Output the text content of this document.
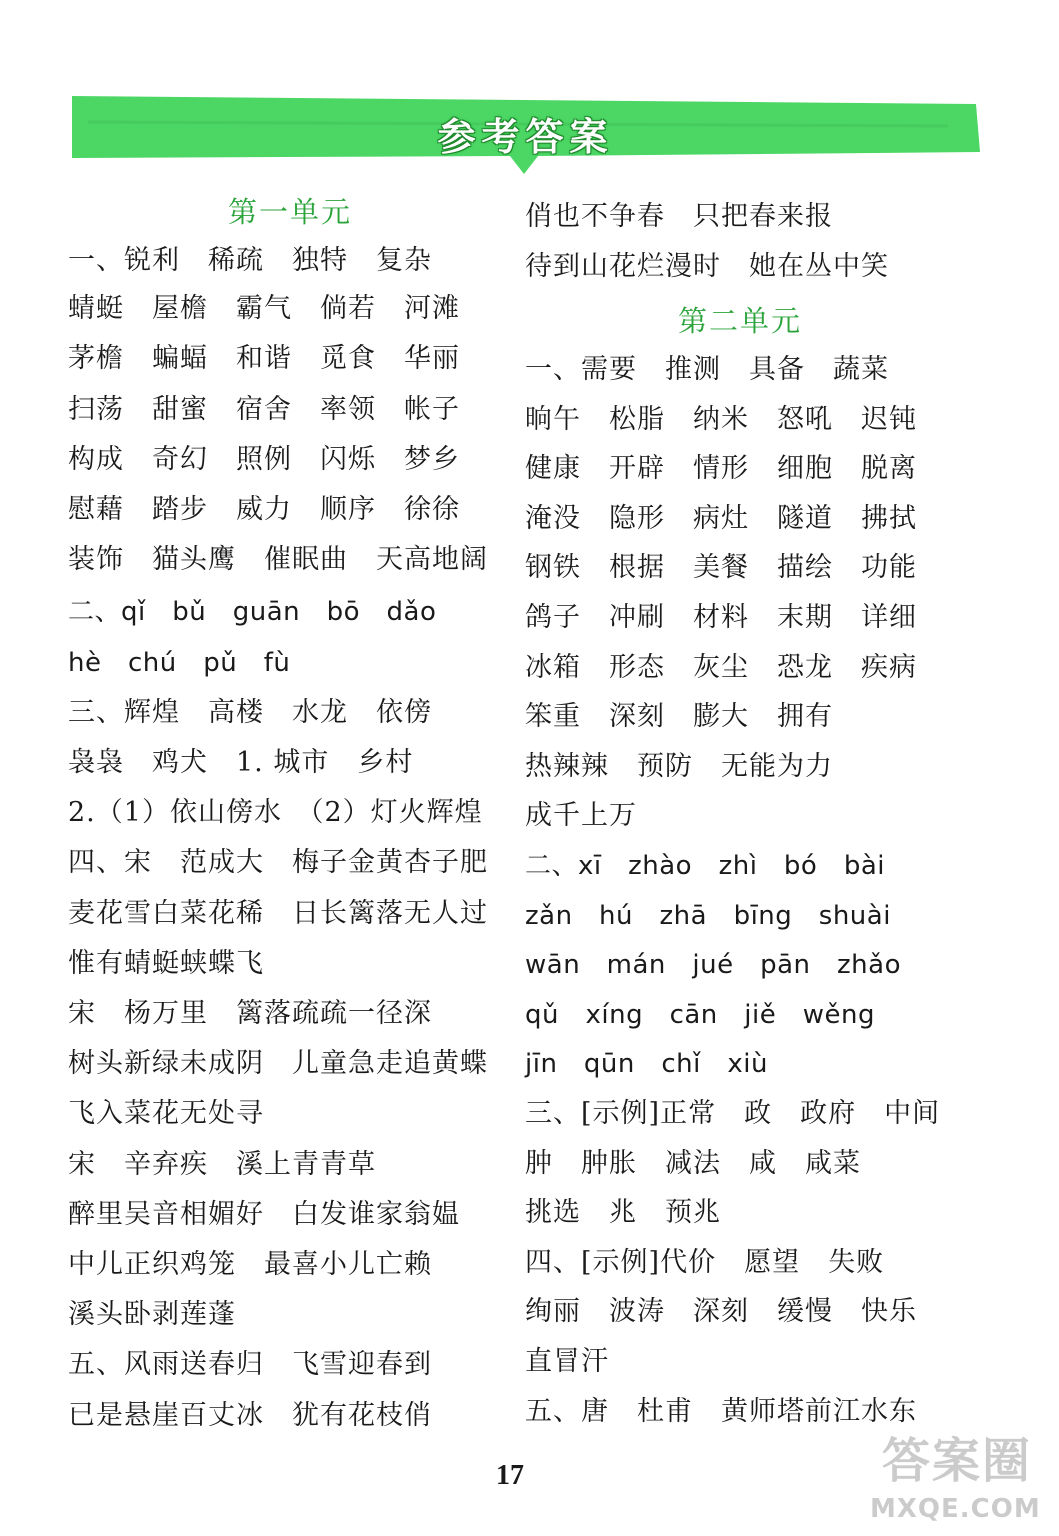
参考答案
第一单元
一、锐利　稀疏　独特　复杂
蜻蜓　屋檐　霸气　倘若　河滩
茅檐　蝙蝠　和谐　觅食　华丽
扫荡　甜蜜　宿舍　率领　帐子
构成　奇幻　照例　闪烁　梦乡
慰藉　踏步　威力　顺序　徐徐
装饰　猫头鹰　催眠曲　天高地阔
二、qǐ　bǔ　guān　bō　dǎo
hè　chú　pǔ　fù
三、辉煌　高楼　水龙　依傍
袅袅　鸡犬　1. 城市　乡村
2.（1）依山傍水　（2）灯火辉煌
四、宋　范成大　梅子金黄杏子肥
麦花雪白菜花稀　日长篱落无人过
惟有蜻蜓蛱蝶飞
宋　杨万里　篱落疏疏一径深
树头新绿未成阴　儿童急走追黄蝶
飞入菜花无处寻
宋　辛弃疾　溪上青青草
醉里吴音相媚好　白发谁家翁媪
中儿正织鸡笼　最喜小儿亡赖
溪头卧剥莲蓬
五、风雨送春归　飞雪迎春到
已是悬崖百丈冰　犹有花枝俏
第二单元
俏也不争春　只把春来报
待到山花烂漫时　她在丛中笑
一、需要　推测　具备　蔬菜
晌午　松脂　纳米　怒吼　迟钝
健康　开辟　情形　细胞　脱离
淹没　隐形　病灶　隧道　拂拭
钢铁　根据　美餐　描绘　功能
鸽子　冲刷　材料　末期　详细
冰箱　形态　灰尘　恐龙　疾病
笨重　深刻　膨大　拥有
热辣辣　预防　无能为力
成千上万
二、xī　zhào　zhì　bó　bài
zǎn　hú　zhā　bīng　shuài
wān　mán　jué　pān　zhǎo
qǔ　xíng　cān　jiě　wěng
jīn　qūn　chǐ　xiù
三、[示例]正常　政　政府　中间
肿　肿胀　减法　咸　咸菜
挑选　兆　预兆
四、[示例]代价　愿望　失败
绚丽　波涛　深刻　缓慢　快乐
直冒汗
五、唐　杜甫　黄师塔前江水东
17	答案圈
MXQE.COM
